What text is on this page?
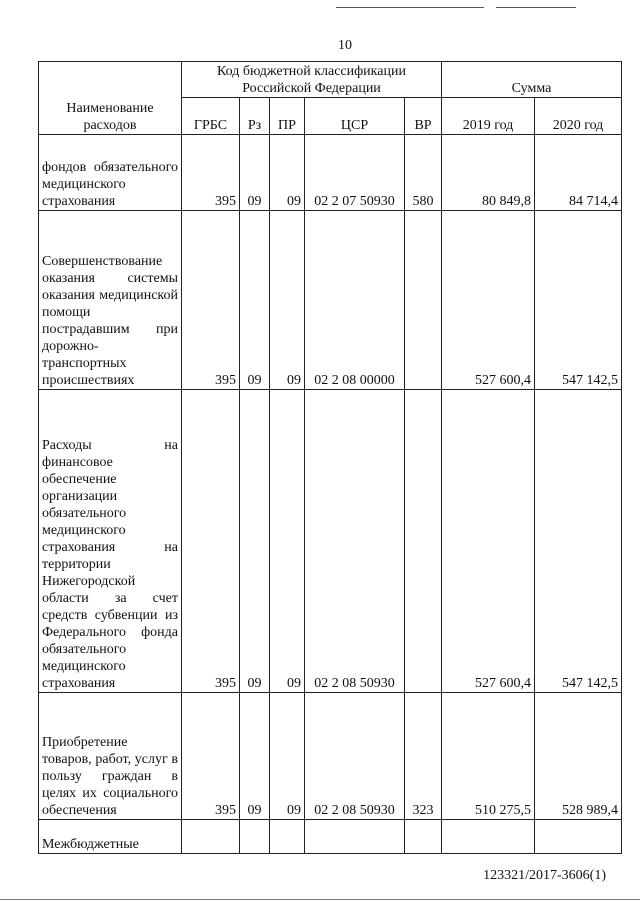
10
Наименование расходов	Код бюджетной классификации Российской Федерации					Сумма	
	ГРБС	Рз	ПР	ЦСР	ВР	2019 год	2020 год
фондов обязательного медицинского страхования	395	09	09	02 2 07 50930	580	80 849,8	84 714,4
Совершенствование оказания системы оказания медицинской помощи пострадавшим при дорожно-транспортных происшествиях	395	09	09	02 2 08 00000		527 600,4	547 142,5
Расходы на финансовое обеспечение организации обязательного медицинского страхования на территории Нижегородской области за счет средств субвенции из Федерального фонда обязательного медицинского страхования	395	09	09	02 2 08 50930		527 600,4	547 142,5
Приобретение товаров, работ, услуг в пользу граждан в целях их социального обеспечения	395	09	09	02 2 08 50930	323	510 275,5	528 989,4
Межбюджетные							
123321/2017-3606(1)
